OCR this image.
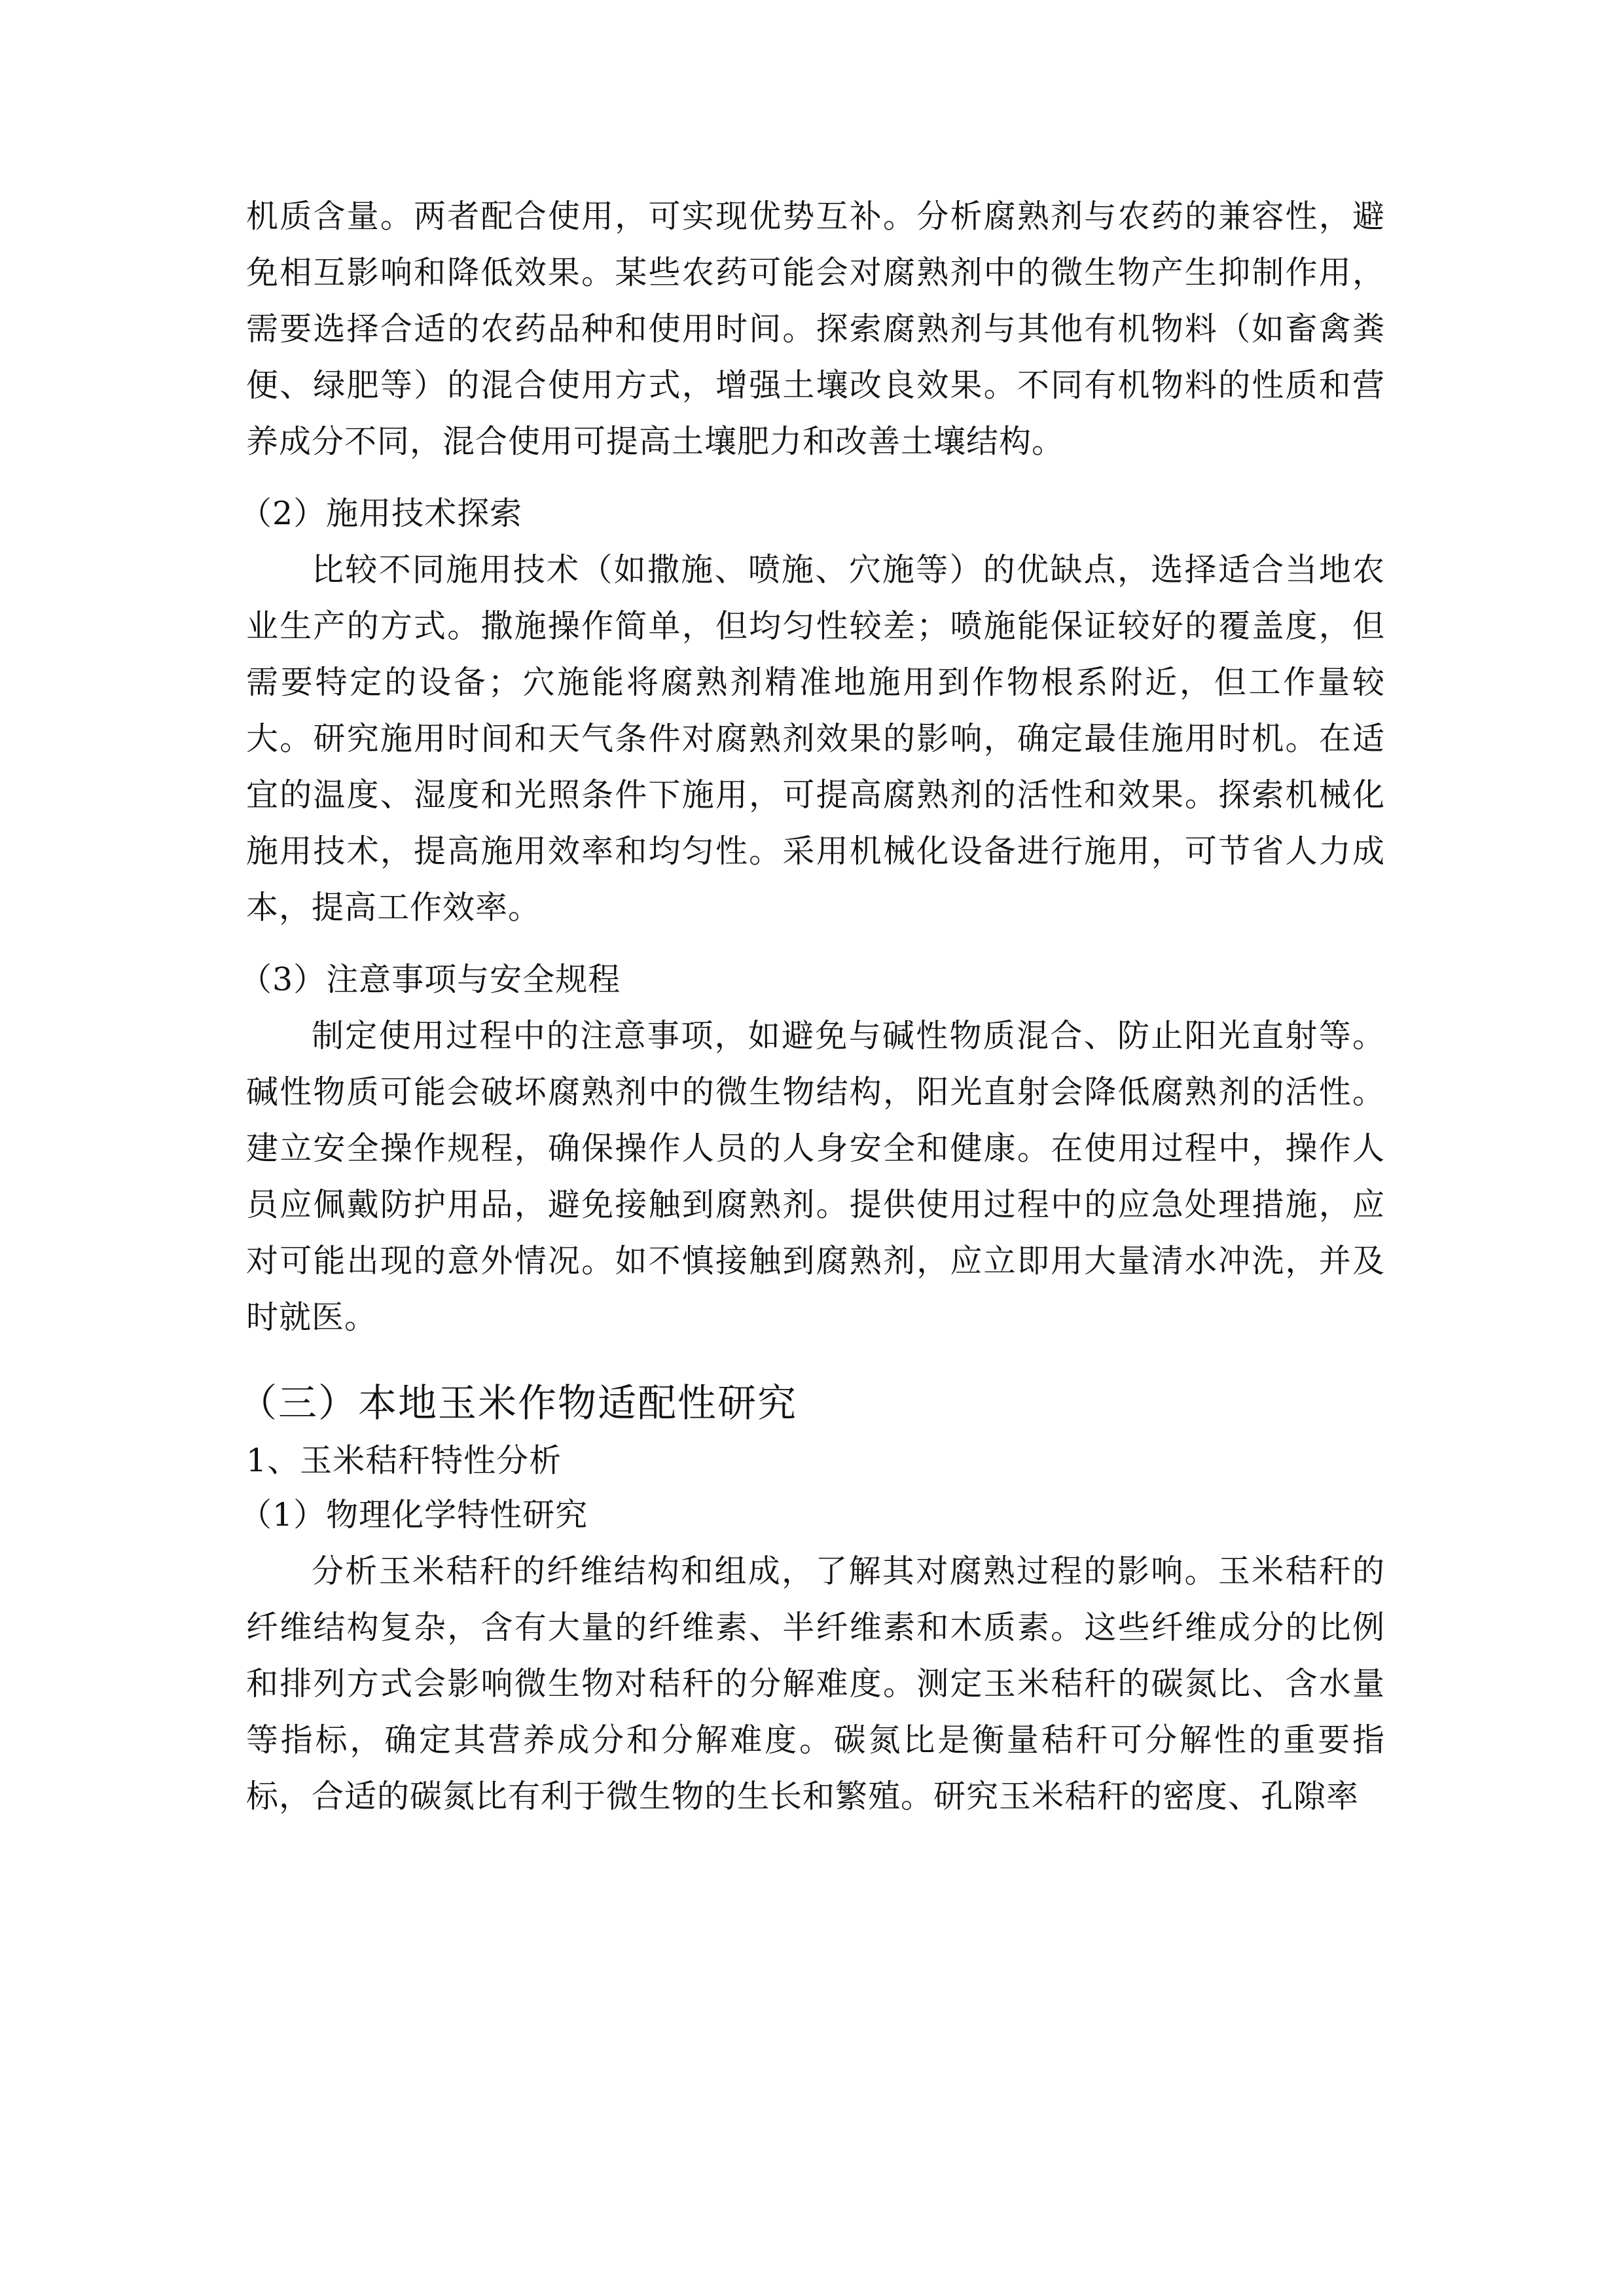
机质含量。两者配合使用，可实现优势互补。分析腐熟剂与农药的兼容性，避免相互影响和降低效果。某些农药可能会对腐熟剂中的微生物产生抑制作用，需要选择合适的农药品种和使用时间。探索腐熟剂与其他有机物料（如畜禽粪便、绿肥等）的混合使用方式，增强土壤改良效果。不同有机物料的性质和营养成分不同，混合使用可提高土壤肥力和改善土壤结构。

（2）施用技术探索

比较不同施用技术（如撒施、喷施、穴施等）的优缺点，选择适合当地农业生产的方式。撒施操作简单，但均匀性较差；喷施能保证较好的覆盖度，但需要特定的设备；穴施能将腐熟剂精准地施用到作物根系附近，但工作量较大。研究施用时间和天气条件对腐熟剂效果的影响，确定最佳施用时机。在适宜的温度、湿度和光照条件下施用，可提高腐熟剂的活性和效果。探索机械化施用技术，提高施用效率和均匀性。采用机械化设备进行施用，可节省人力成本，提高工作效率。

（3）注意事项与安全规程

制定使用过程中的注意事项，如避免与碱性物质混合、防止阳光直射等。碱性物质可能会破坏腐熟剂中的微生物结构，阳光直射会降低腐熟剂的活性。建立安全操作规程，确保操作人员的人身安全和健康。在使用过程中，操作人员应佩戴防护用品，避免接触到腐熟剂。提供使用过程中的应急处理措施，应对可能出现的意外情况。如不慎接触到腐熟剂，应立即用大量清水冲洗，并及时就医。

（三）本地玉米作物适配性研究

1、玉米秸秆特性分析

（1）物理化学特性研究

分析玉米秸秆的纤维结构和组成，了解其对腐熟过程的影响。玉米秸秆的纤维结构复杂，含有大量的纤维素、半纤维素和木质素。这些纤维成分的比例和排列方式会影响微生物对秸秆的分解难度。测定玉米秸秆的碳氮比、含水量等指标，确定其营养成分和分解难度。碳氮比是衡量秸秆可分解性的重要指标，合适的碳氮比有利于微生物的生长和繁殖。研究玉米秸秆的密度、孔隙率
